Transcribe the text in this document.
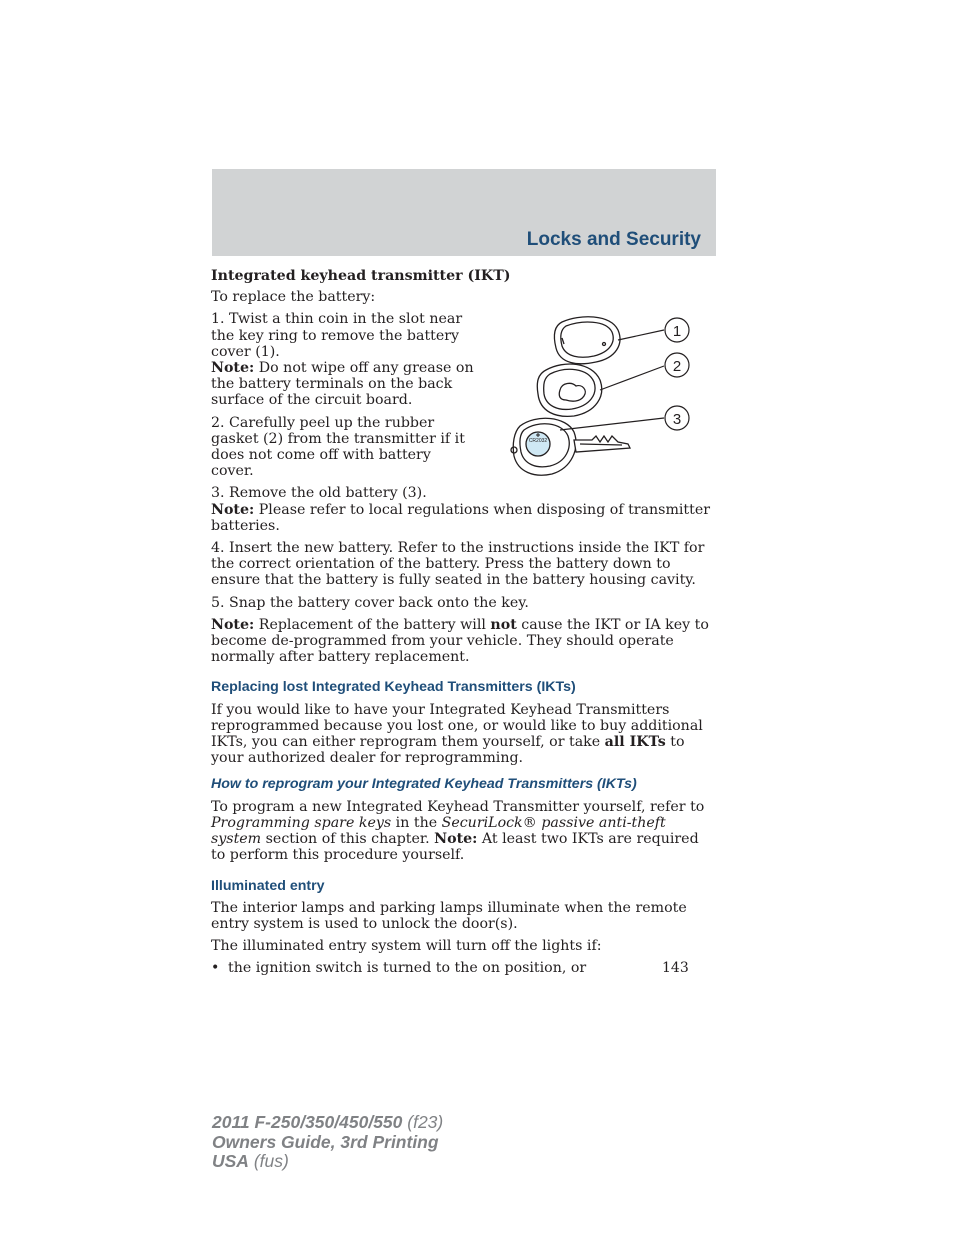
Locks and Security
Integrated keyhead transmitter (IKT)
To replace the battery:
1. Twist a thin coin in the slot near the key ring to remove the battery cover (1).
Note: Do not wipe off any grease on the battery terminals on the back surface of the circuit board.
2. Carefully peel up the rubber gasket (2) from the transmitter if it does not come off with battery cover.
3. Remove the old battery (3).
Note: Please refer to local regulations when disposing of transmitter batteries.
4. Insert the new battery. Refer to the instructions inside the IKT for the correct orientation of the battery. Press the battery down to ensure that the battery is fully seated in the battery housing cavity.
5. Snap the battery cover back onto the key.
Note: Replacement of the battery will not cause the IKT or IA key to become de-programmed from your vehicle. They should operate normally after battery replacement.
Replacing lost Integrated Keyhead Transmitters (IKTs)
If you would like to have your Integrated Keyhead Transmitters reprogrammed because you lost one, or would like to buy additional IKTs, you can either reprogram them yourself, or take all IKTs to your authorized dealer for reprogramming.
How to reprogram your Integrated Keyhead Transmitters (IKTs)
To program a new Integrated Keyhead Transmitter yourself, refer to Programming spare keys in the SecuriLock® passive anti-theft system section of this chapter. Note: At least two IKTs are required to perform this procedure yourself.
Illuminated entry
The interior lamps and parking lamps illuminate when the remote entry system is used to unlock the door(s).
The illuminated entry system will turn off the lights if:
• the ignition switch is turned to the on position, or
CR2032
1
2
3
143
2011 F-250/350/450/550 (f23)
Owners Guide, 3rd Printing
USA (fus)
